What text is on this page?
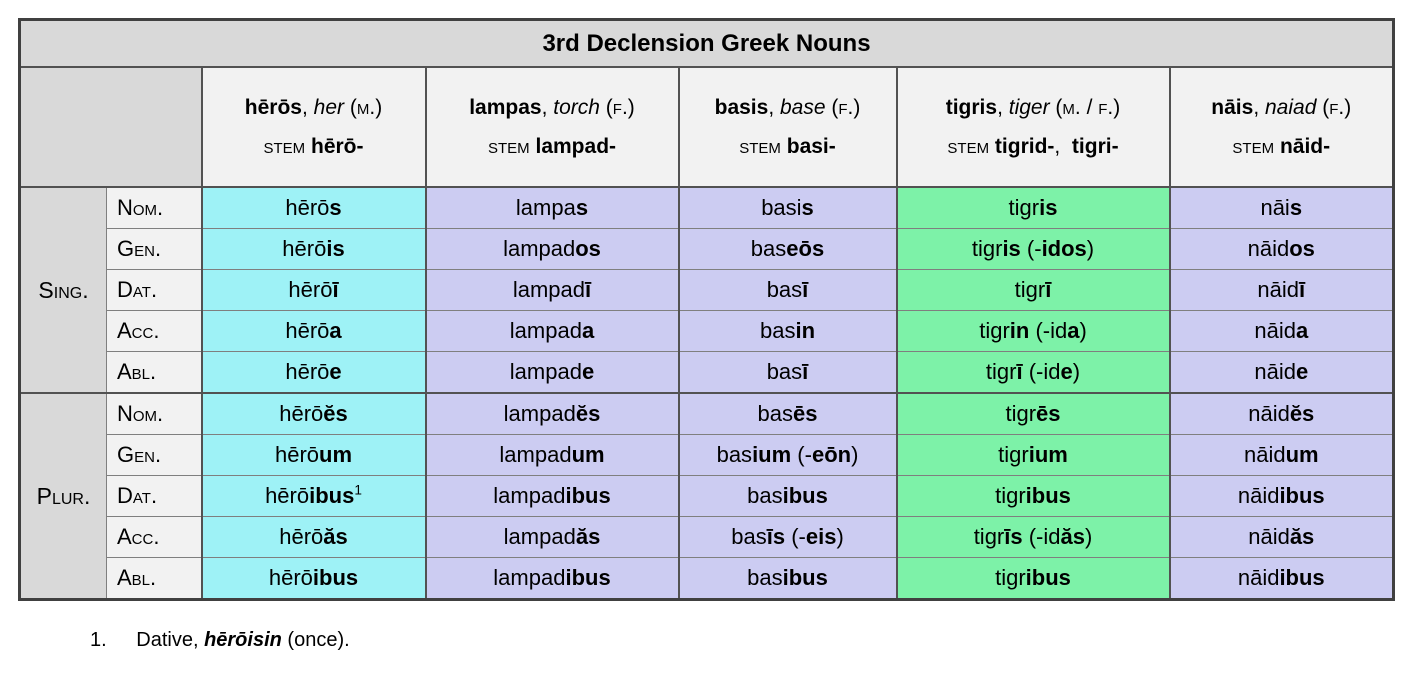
3rd Declension Greek Nouns						

hērōs, her (m.)
stem hērō-

lampas, torch (f.)
stem lampad-

basis, base (f.)
stem basi-

tigris, tiger (m. / f.)
stem tigrid-,  tigri-

nāis, naiad (f.)
stem nāid-

Sing.	Nom.	hērōs	lampas	basis	tigris	nāis
	Gen.	hērōis	lampados	baseōs	tigris (-idos)	nāidos
	Dat.	hērōī	lampadī	basī	tigrī	nāidī
	Acc.	hērōa	lampada	basin	tigrin (-ida)	nāida
	Abl.	hērōe	lampade	basī	tigrī (-ide)	nāide
Plur.	Nom.	hērōĕs	lampadĕs	basēs	tigrēs	nāidĕs
	Gen.	hērōum	lampadum	basium (-eōn)	tigrium	nāidum
	Dat.	hērōibus$^1$	lampadibus	basibus	tigribus	nāidibus
	Acc.	hērōăs	lampadăs	basīs (-eis)	tigrīs (-idăs)	nāidăs
	Abl.	hērōibus	lampadibus	basibus	tigribus	nāidibus
1. Dative, hērōisin (once).
